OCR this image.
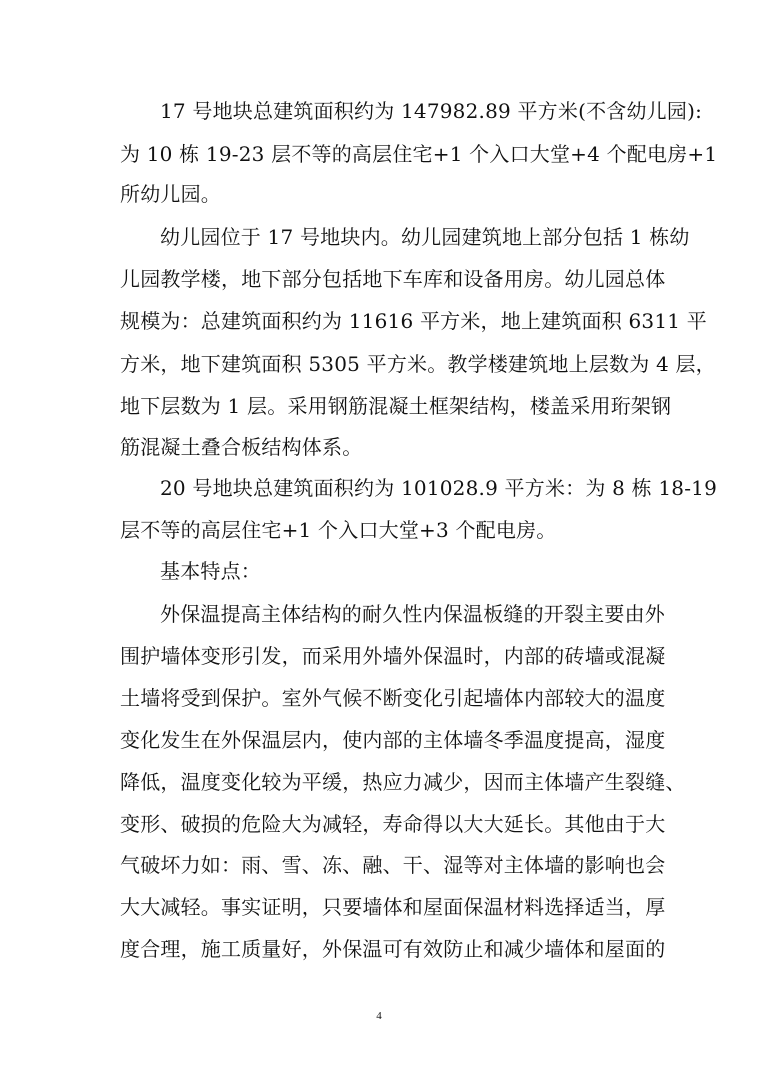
17 号地块总建筑面积约为 147982.89 平方米(不含幼儿园):
为 10 栋 19-23 层不等的高层住宅+1 个入口大堂+4 个配电房+1
所幼儿园。
幼儿园位于 17 号地块内。幼儿园建筑地上部分包括 1 栋幼
儿园教学楼，地下部分包括地下车库和设备用房。幼儿园总体
规模为：总建筑面积约为 11616 平方米，地上建筑面积 6311 平
方米，地下建筑面积 5305 平方米。教学楼建筑地上层数为 4 层，
地下层数为 1 层。采用钢筋混凝土框架结构，楼盖采用珩架钢
筋混凝土叠合板结构体系。
20 号地块总建筑面积约为 101028.9 平方米：为 8 栋 18-19
层不等的高层住宅+1 个入口大堂+3 个配电房。
基本特点：
外保温提高主体结构的耐久性内保温板缝的开裂主要由外
围护墙体变形引发，而采用外墙外保温时，内部的砖墙或混凝
土墙将受到保护。室外气候不断变化引起墙体内部较大的温度
变化发生在外保温层内，使内部的主体墙冬季温度提高，湿度
降低，温度变化较为平缓，热应力减少，因而主体墙产生裂缝、
变形、破损的危险大为减轻，寿命得以大大延长。其他由于大
气破坏力如：雨、雪、冻、融、干、湿等对主体墙的影响也会
大大减轻。事实证明，只要墙体和屋面保温材料选择适当，厚
度合理，施工质量好，外保温可有效防止和减少墙体和屋面的
4
